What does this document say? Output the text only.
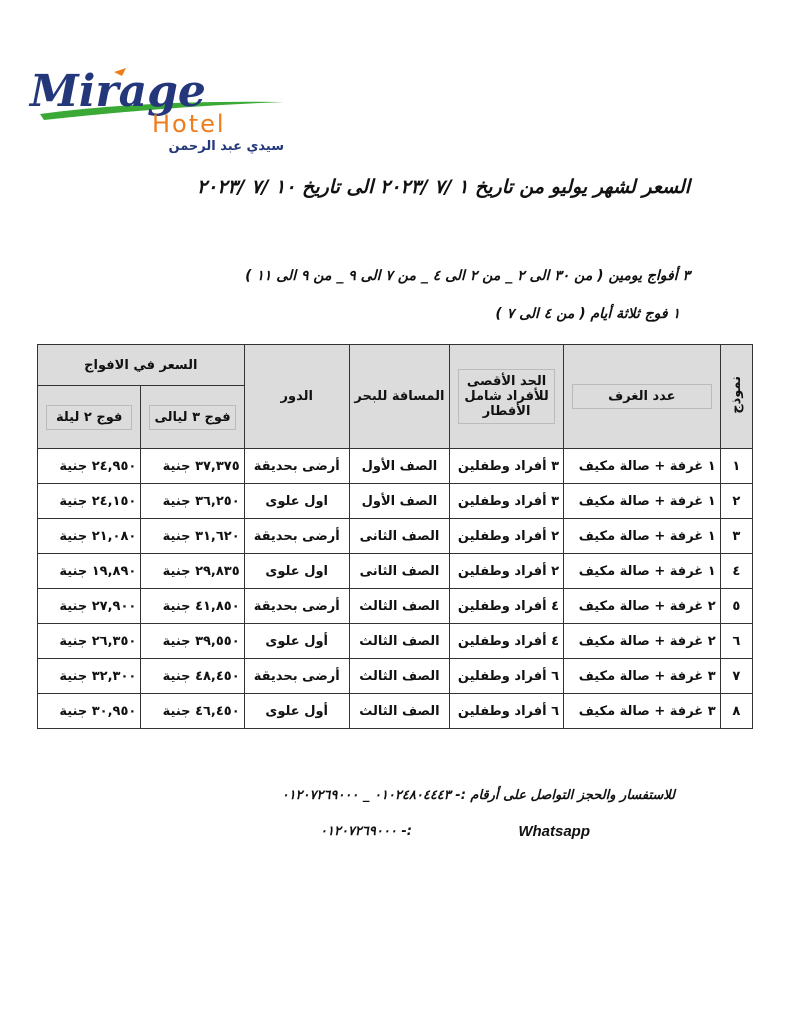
Mirage
Hotel
سيدي عبد الرحمن
السعر لشهر يوليو من تاريخ ١ /٧ /٢٠٢٣ الى تاريخ ١٠ /٧ /٢٠٢٣
٣ أفواج يومين ( من ٣٠ الى ٢ _ من ٢ الى ٤ _ من ٧ الى ٩ _ من ٩ الى ١١ )
١ فوج ثلاثة أيام ( من ٤ الى ٧ )
نموذج	عدد الغرف	الحد الأقصى للأفراد شامل الأفطار	المسافة للبحر	الدور	السعر في الافواج	

					فوج ٣ ليالى	فوج ٢ ليلة

١	١ غرفة + صالة مكيف	٣ أفراد وطفلين	الصف الأول	أرضى بحديقة	٣٧,٣٧٥ جنية	٢٤,٩٥٠ جنية
٢	١ غرفة + صالة مكيف	٣ أفراد وطفلين	الصف الأول	اول علوى	٣٦,٢٥٠ جنية	٢٤,١٥٠ جنية
٣	١ غرفة + صالة مكيف	٢ أفراد وطفلين	الصف الثانى	أرضى بحديقة	٣١,٦٢٠ جنية	٢١,٠٨٠ جنية
٤	١ غرفة + صالة مكيف	٢ أفراد وطفلين	الصف الثانى	اول علوى	٢٩,٨٣٥ جنية	١٩,٨٩٠ جنية
٥	٢ غرفة + صالة مكيف	٤ أفراد وطفلين	الصف الثالث	أرضى بحديقة	٤١,٨٥٠ جنية	٢٧,٩٠٠ جنية
٦	٢ غرفة + صالة مكيف	٤ أفراد وطفلين	الصف الثالث	أول علوى	٣٩,٥٥٠ جنية	٢٦,٣٥٠ جنية
٧	٣ غرفة + صالة مكيف	٦ أفراد وطفلين	الصف الثالث	أرضى بحديقة	٤٨,٤٥٠ جنية	٣٢,٣٠٠ جنية
٨	٣ غرفة + صالة مكيف	٦ أفراد وطفلين	الصف الثالث	أول علوى	٤٦,٤٥٠ جنية	٣٠,٩٥٠ جنية
للاستفسار والحجز التواصل على أرقام :- ٠١٠٢٤٨٠٤٤٤٣ _ ٠١٢٠٧٢٦٩٠٠٠
Whatsapp
:- ٠١٢٠٧٢٦٩٠٠٠
